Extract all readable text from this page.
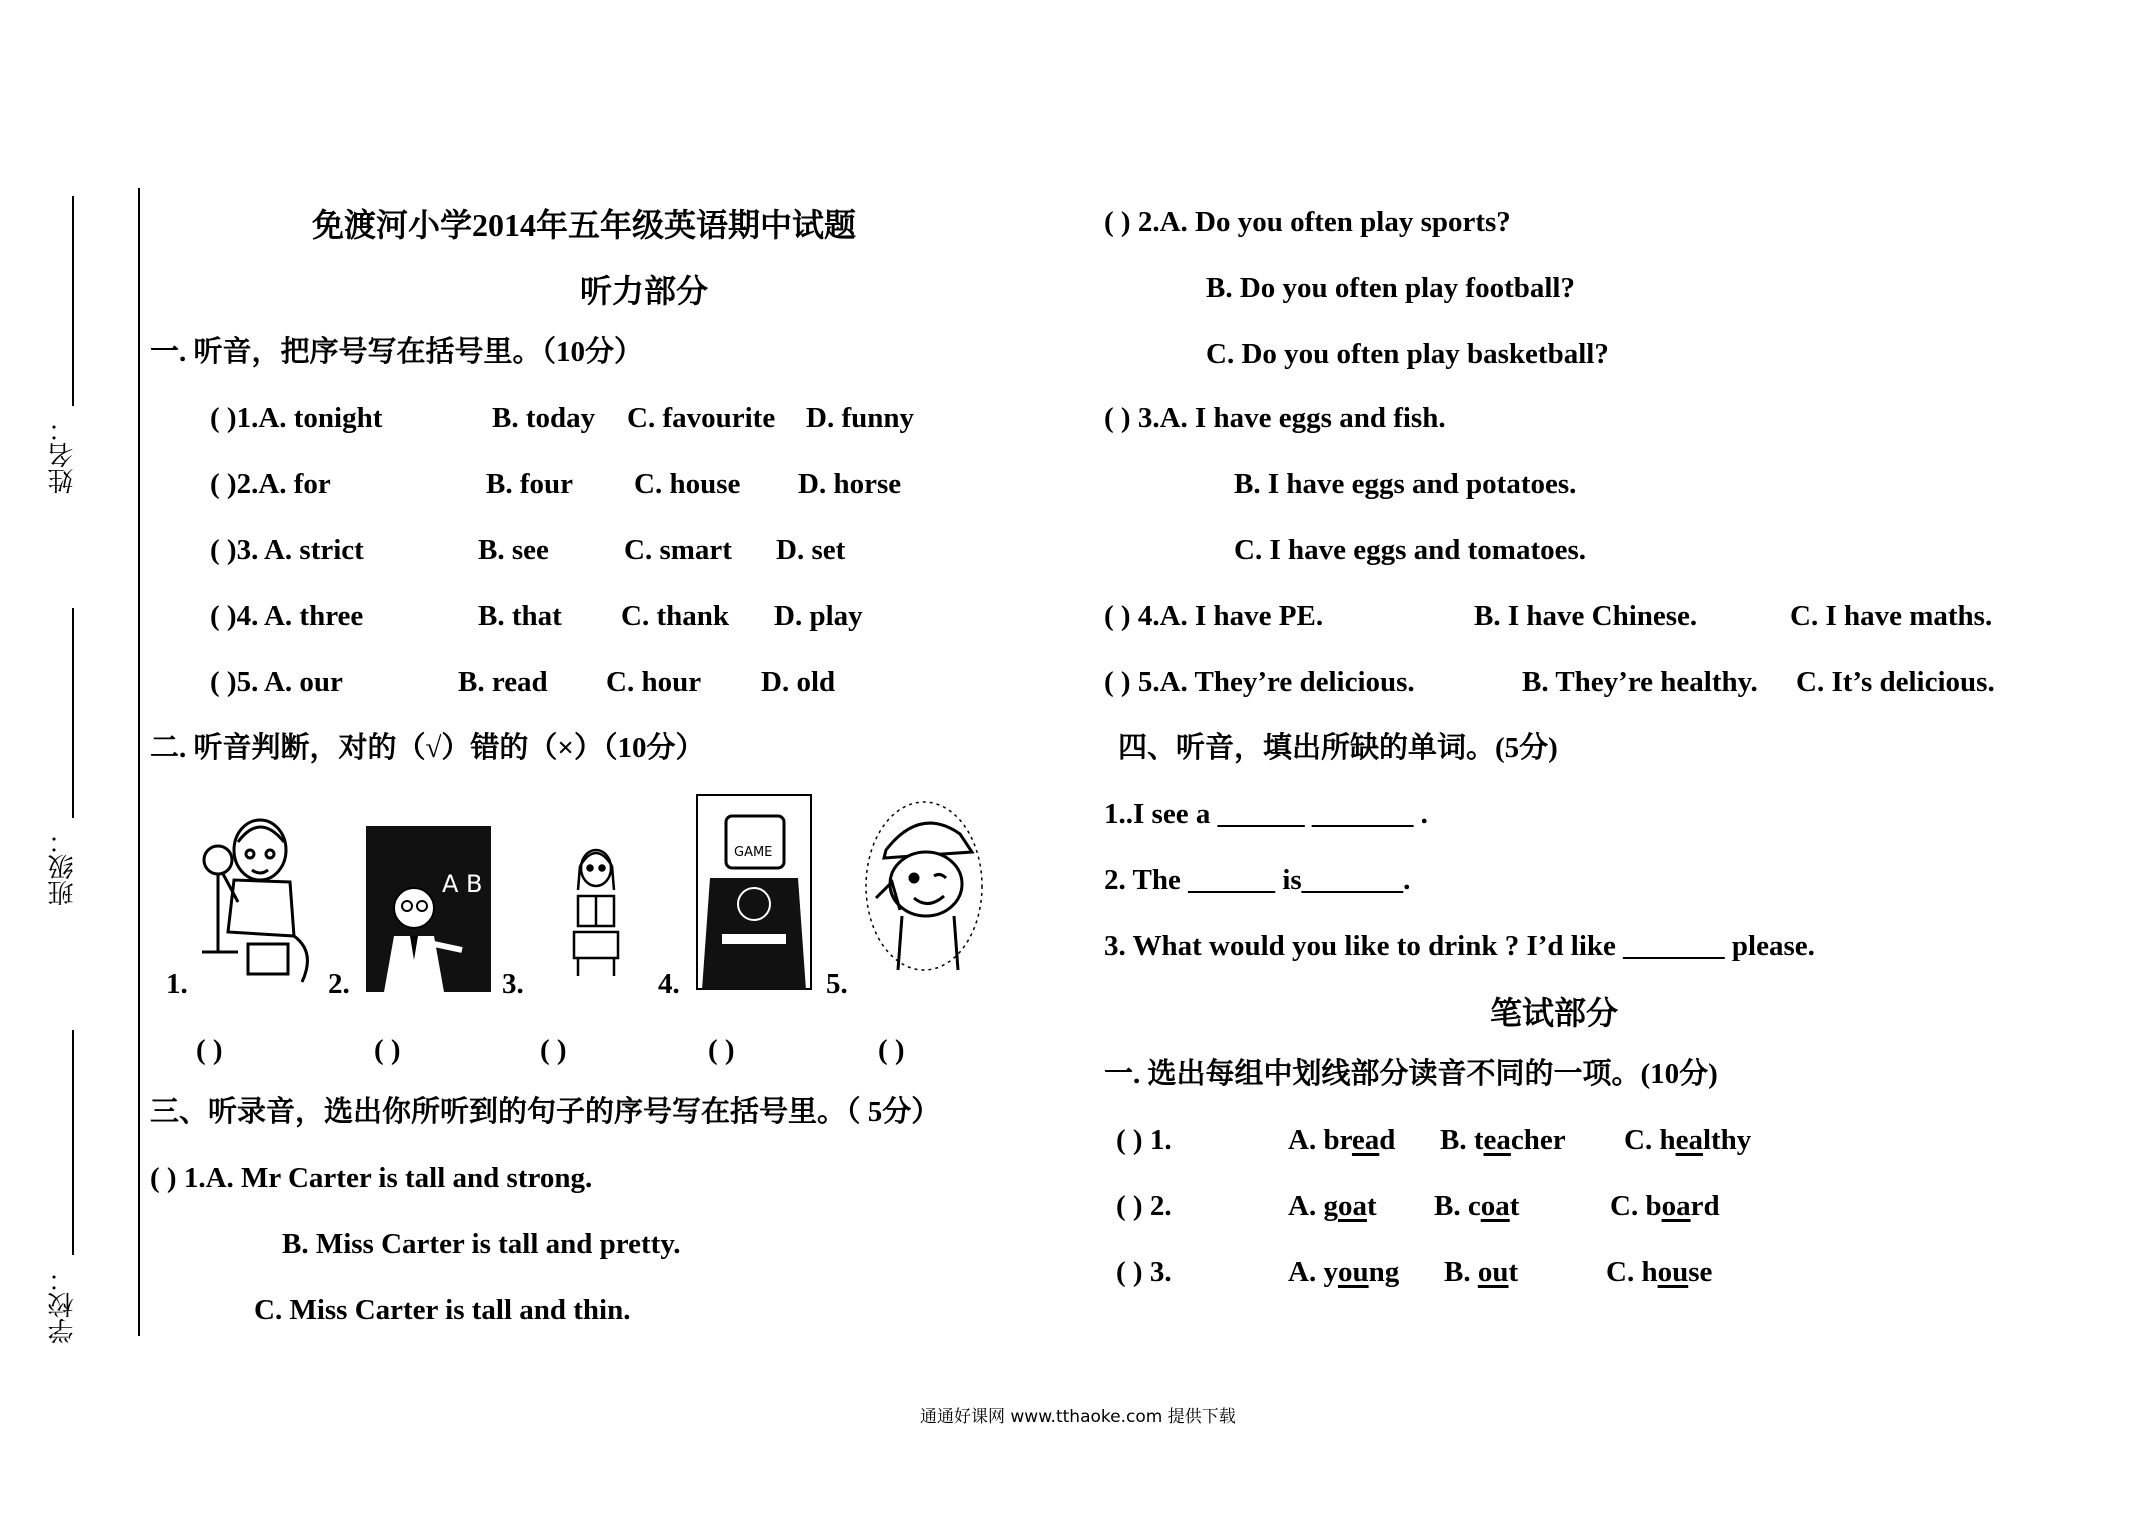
姓名：
班级：
学校：
免渡河小学2014年五年级英语期中试题
听力部分
一. 听音，把序号写在括号里。（10分）
( )1.A. tonight	B. today C. favourite D. funny
( )2.A. for	B. four C. house D. horse
( )3. A. strict	B. see	C. smart D. set
( )4. A. three	B. that C. thank D. play
( )5. A. our	B. read C. hour D. old
二. 听音判断，对的（√）错的（×）（10分）
1.
A B
2.	3.
GAME
4.	5.
( )	( )	( )	( )	( )
三、听录音，选出你所听到的句子的序号写在括号里。（ 5分）
( ) 1.A. Mr Carter is tall and strong.
B. Miss Carter is tall and pretty.
C. Miss Carter is tall and thin.
( ) 2.A. Do you often play sports?
B. Do you often play football?
C. Do you often play basketball?
( ) 3.A. I have eggs and fish.
B. I have eggs and potatoes.
C. I have eggs and tomatoes.
( ) 4.A. I have PE.	B. I have Chinese.	C. I have maths.
( ) 5.A. They’re delicious.	B. They’re healthy. C. It’s delicious.
四、听音，填出所缺的单词。(5分)
1..I see a ______ _______ .
2. The ______ is_______.
3. What would you like to drink ? I’d like _______ please.
笔试部分
一. 选出每组中划线部分读音不同的一项。(10分)
( ) 1.	A. bread B. teacher C. healthy
( ) 2.	A. goat B. coat	C. board
( ) 3.	A. young B. out	C. house
通通好课网 www.tthaoke.com 提供下载
